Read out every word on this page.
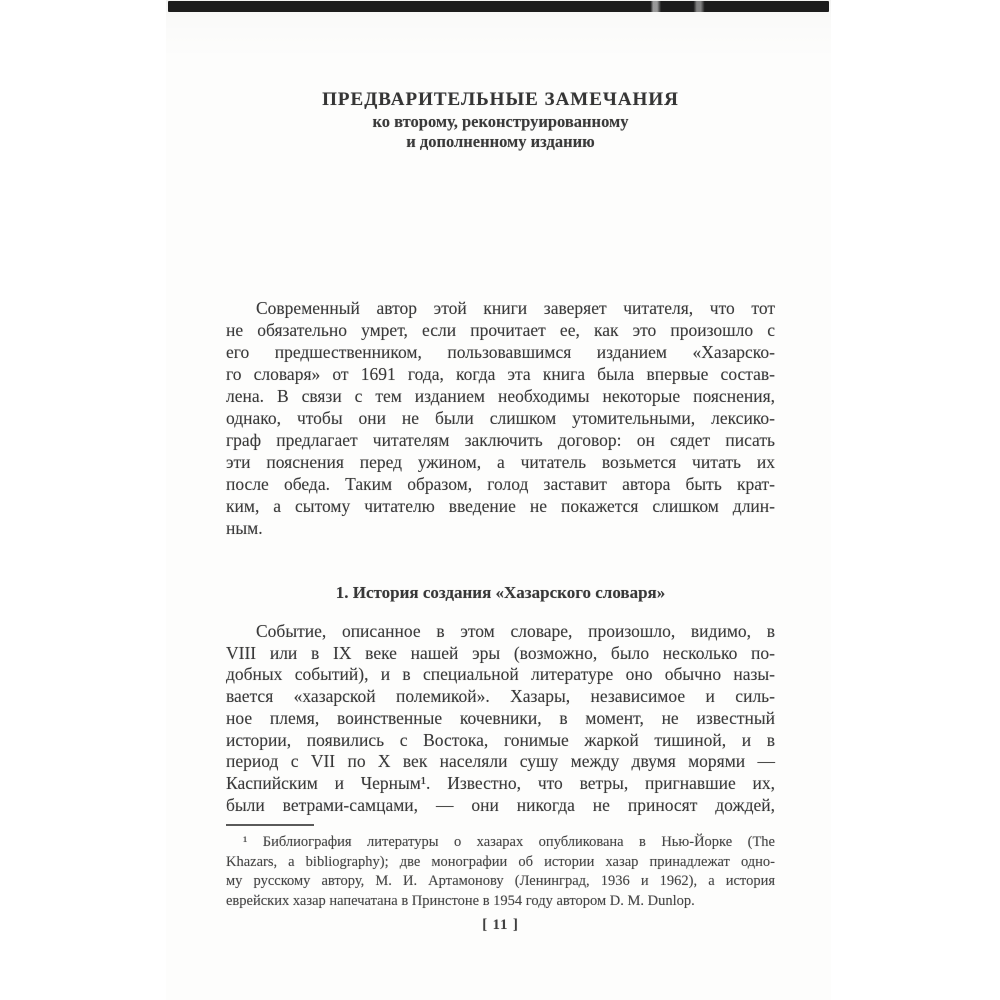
ПРЕДВАРИТЕЛЬНЫЕ ЗАМЕЧАНИЯ
ко второму, реконструированному
и дополненному изданию
Современный автор этой книги заверяет читателя, что тот
не обязательно умрет, если прочитает ее, как это произошло с
его предшественником, пользовавшимся изданием «Хазарско-
го словаря» от 1691 года, когда эта книга была впервые состав-
лена. В связи с тем изданием необходимы некоторые пояснения,
однако, чтобы они не были слишком утомительными, лексико-
граф предлагает читателям заключить договор: он сядет писать
эти пояснения перед ужином, а читатель возьмется читать их
после обеда. Таким образом, голод заставит автора быть крат-
ким, а сытому читателю введение не покажется слишком длин-
ным.
1. История создания «Хазарского словаря»
Событие, описанное в этом словаре, произошло, видимо, в
VIII или в IX веке нашей эры (возможно, было несколько по-
добных событий), и в специальной литературе оно обычно назы-
вается «хазарской полемикой». Хазары, независимое и силь-
ное племя, воинственные кочевники, в момент, не известный
истории, появились с Востока, гонимые жаркой тишиной, и в
период с VII по X век населяли сушу между двумя морями —
Каспийским и Черным¹. Известно, что ветры, пригнавшие их,
были ветрами-самцами, — они никогда не приносят дождей,
¹ Библиография литературы о хазарах опубликована в Нью-Йорке (The
Khazars, a bibliography); две монографии об истории хазар принадлежат одно-
му русскому автору, М. И. Артамонову (Ленинград, 1936 и 1962), а история
еврейских хазар напечатана в Принстоне в 1954 году автором D. M. Dunlop.
[ 11 ]
